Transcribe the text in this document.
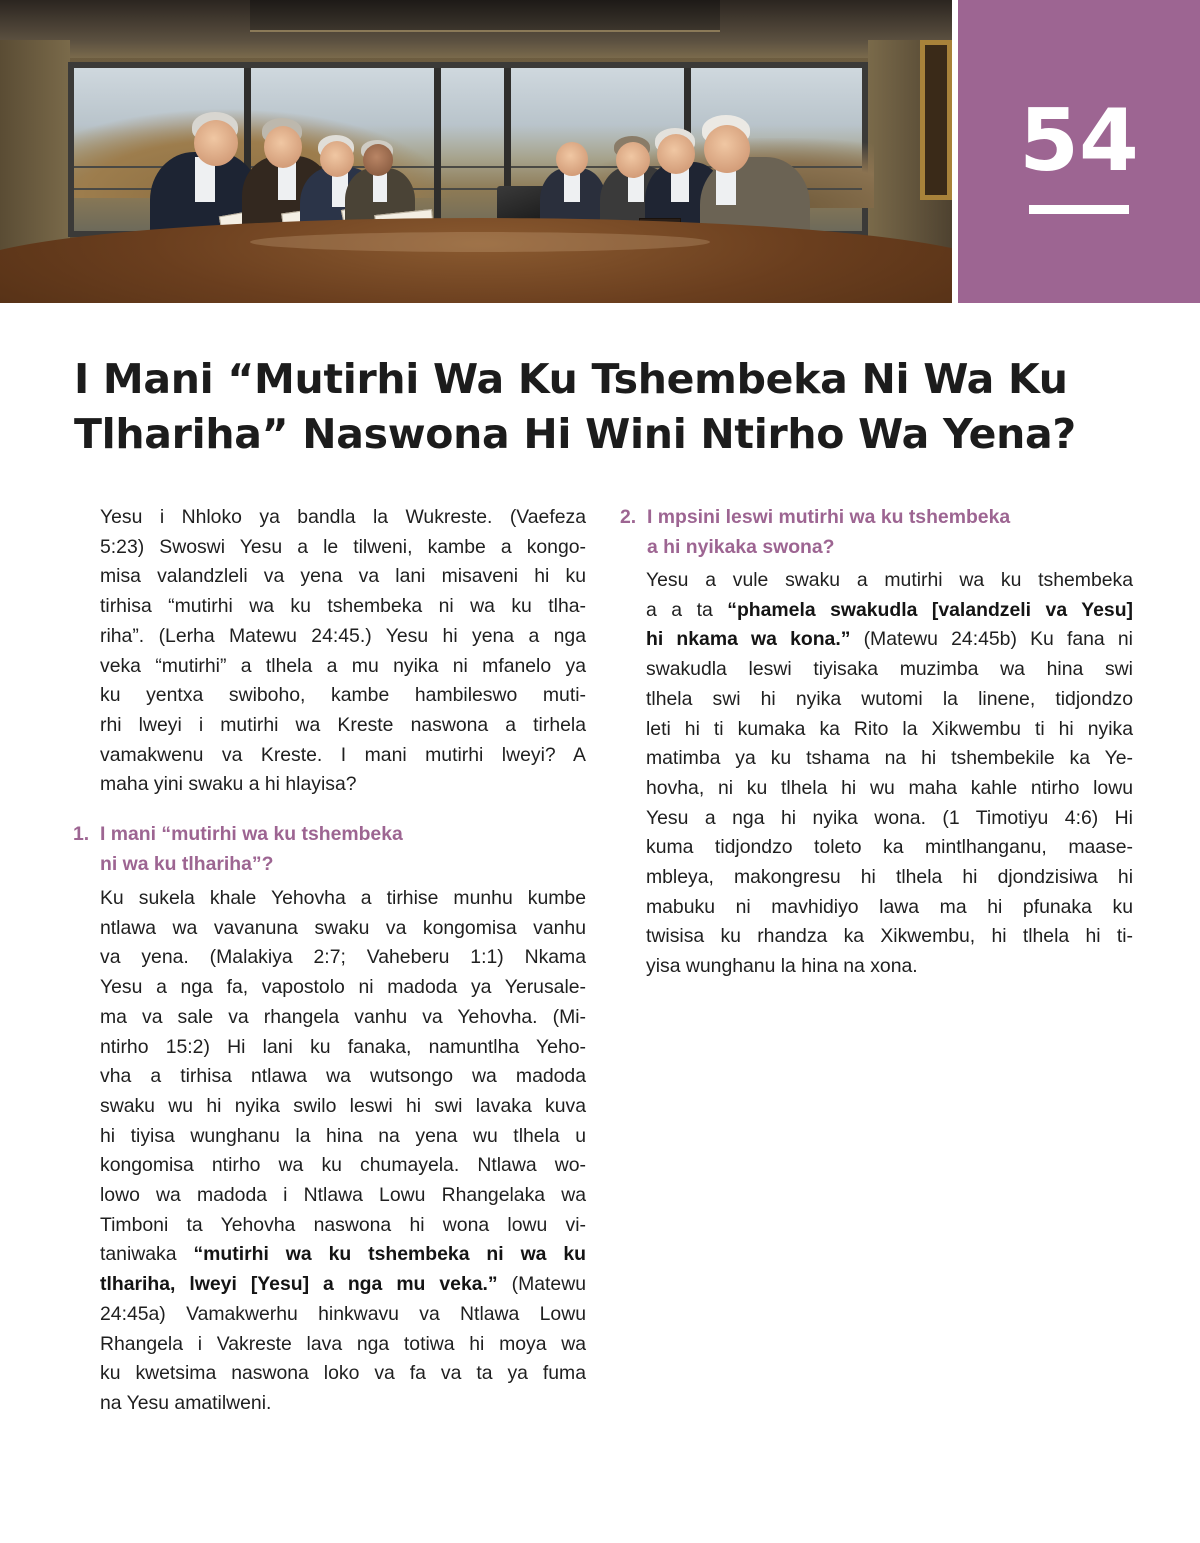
54
I Mani “Mutirhi Wa Ku Tshembeka Ni Wa Ku
Tlhariha” Naswona Hi Wini Ntirho Wa Yena?
Yesu i Nhloko ya bandla la Wukreste. (Vaefeza
5:23) Swoswi Yesu a le tilweni, kambe a kongo-
misa valandzleli va yena va lani misaveni hi ku
tirhisa “mutirhi wa ku tshembeka ni wa ku tlha-
riha”. (Lerha Matewu 24:45.) Yesu hi yena a nga
veka “mutirhi” a tlhela a mu nyika ni mfanelo ya
ku yentxa swiboho, kambe hambileswo muti-
rhi lweyi i mutirhi wa Kreste naswona a tirhela
vamakwenu va Kreste. I mani mutirhi lweyi? A
maha yini swaku a hi hlayisa?
1. I mani “mutirhi wa ku tshembeka
ni wa ku tlhariha”?
Ku sukela khale Yehovha a tirhise munhu kumbe
ntlawa wa vavanuna swaku va kongomisa vanhu
va yena. (Malakiya 2:7; Vaheberu 1:1) Nkama
Yesu a nga fa, vapostolo ni madoda ya Yerusale-
ma va sale va rhangela vanhu va Yehovha. (Mi-
ntirho 15:2) Hi lani ku fanaka, namuntlha Yeho-
vha a tirhisa ntlawa wa wutsongo wa madoda
swaku wu hi nyika swilo leswi hi swi lavaka kuva
hi tiyisa wunghanu la hina na yena wu tlhela u
kongomisa ntirho wa ku chumayela. Ntlawa wo-
lowo wa madoda i Ntlawa Lowu Rhangelaka wa
Timboni ta Yehovha naswona hi wona lowu vi-
taniwaka “mutirhi wa ku tshembeka ni wa ku
tlhariha, lweyi [Yesu] a nga mu veka.” (Matewu
24:45a) Vamakwerhu hinkwavu va Ntlawa Lowu
Rhangela i Vakreste lava nga totiwa hi moya wa
ku kwetsima naswona loko va fa va ta ya fuma
na Yesu amatilweni.
2. I mpsini leswi mutirhi wa ku tshembeka
a hi nyikaka swona?
Yesu a vule swaku a mutirhi wa ku tshembeka
a a ta “phamela swakudla [valandzeli va Yesu]
hi nkama wa kona.” (Matewu 24:45b) Ku fana ni
swakudla leswi tiyisaka muzimba wa hina swi
tlhela swi hi nyika wutomi la linene, tidjondzo
leti hi ti kumaka ka Rito la Xikwembu ti hi nyika
matimba ya ku tshama na hi tshembekile ka Ye-
hovha, ni ku tlhela hi wu maha kahle ntirho lowu
Yesu a nga hi nyika wona. (1 Timotiyu 4:6) Hi
kuma tidjondzo toleto ka mintlhanganu, maase-
mbleya, makongresu hi tlhela hi djondzisiwa hi
mabuku ni mavhidiyo lawa ma hi pfunaka ku
twisisa ku rhandza ka Xikwembu, hi tlhela hi ti-
yisa wunghanu la hina na xona.
